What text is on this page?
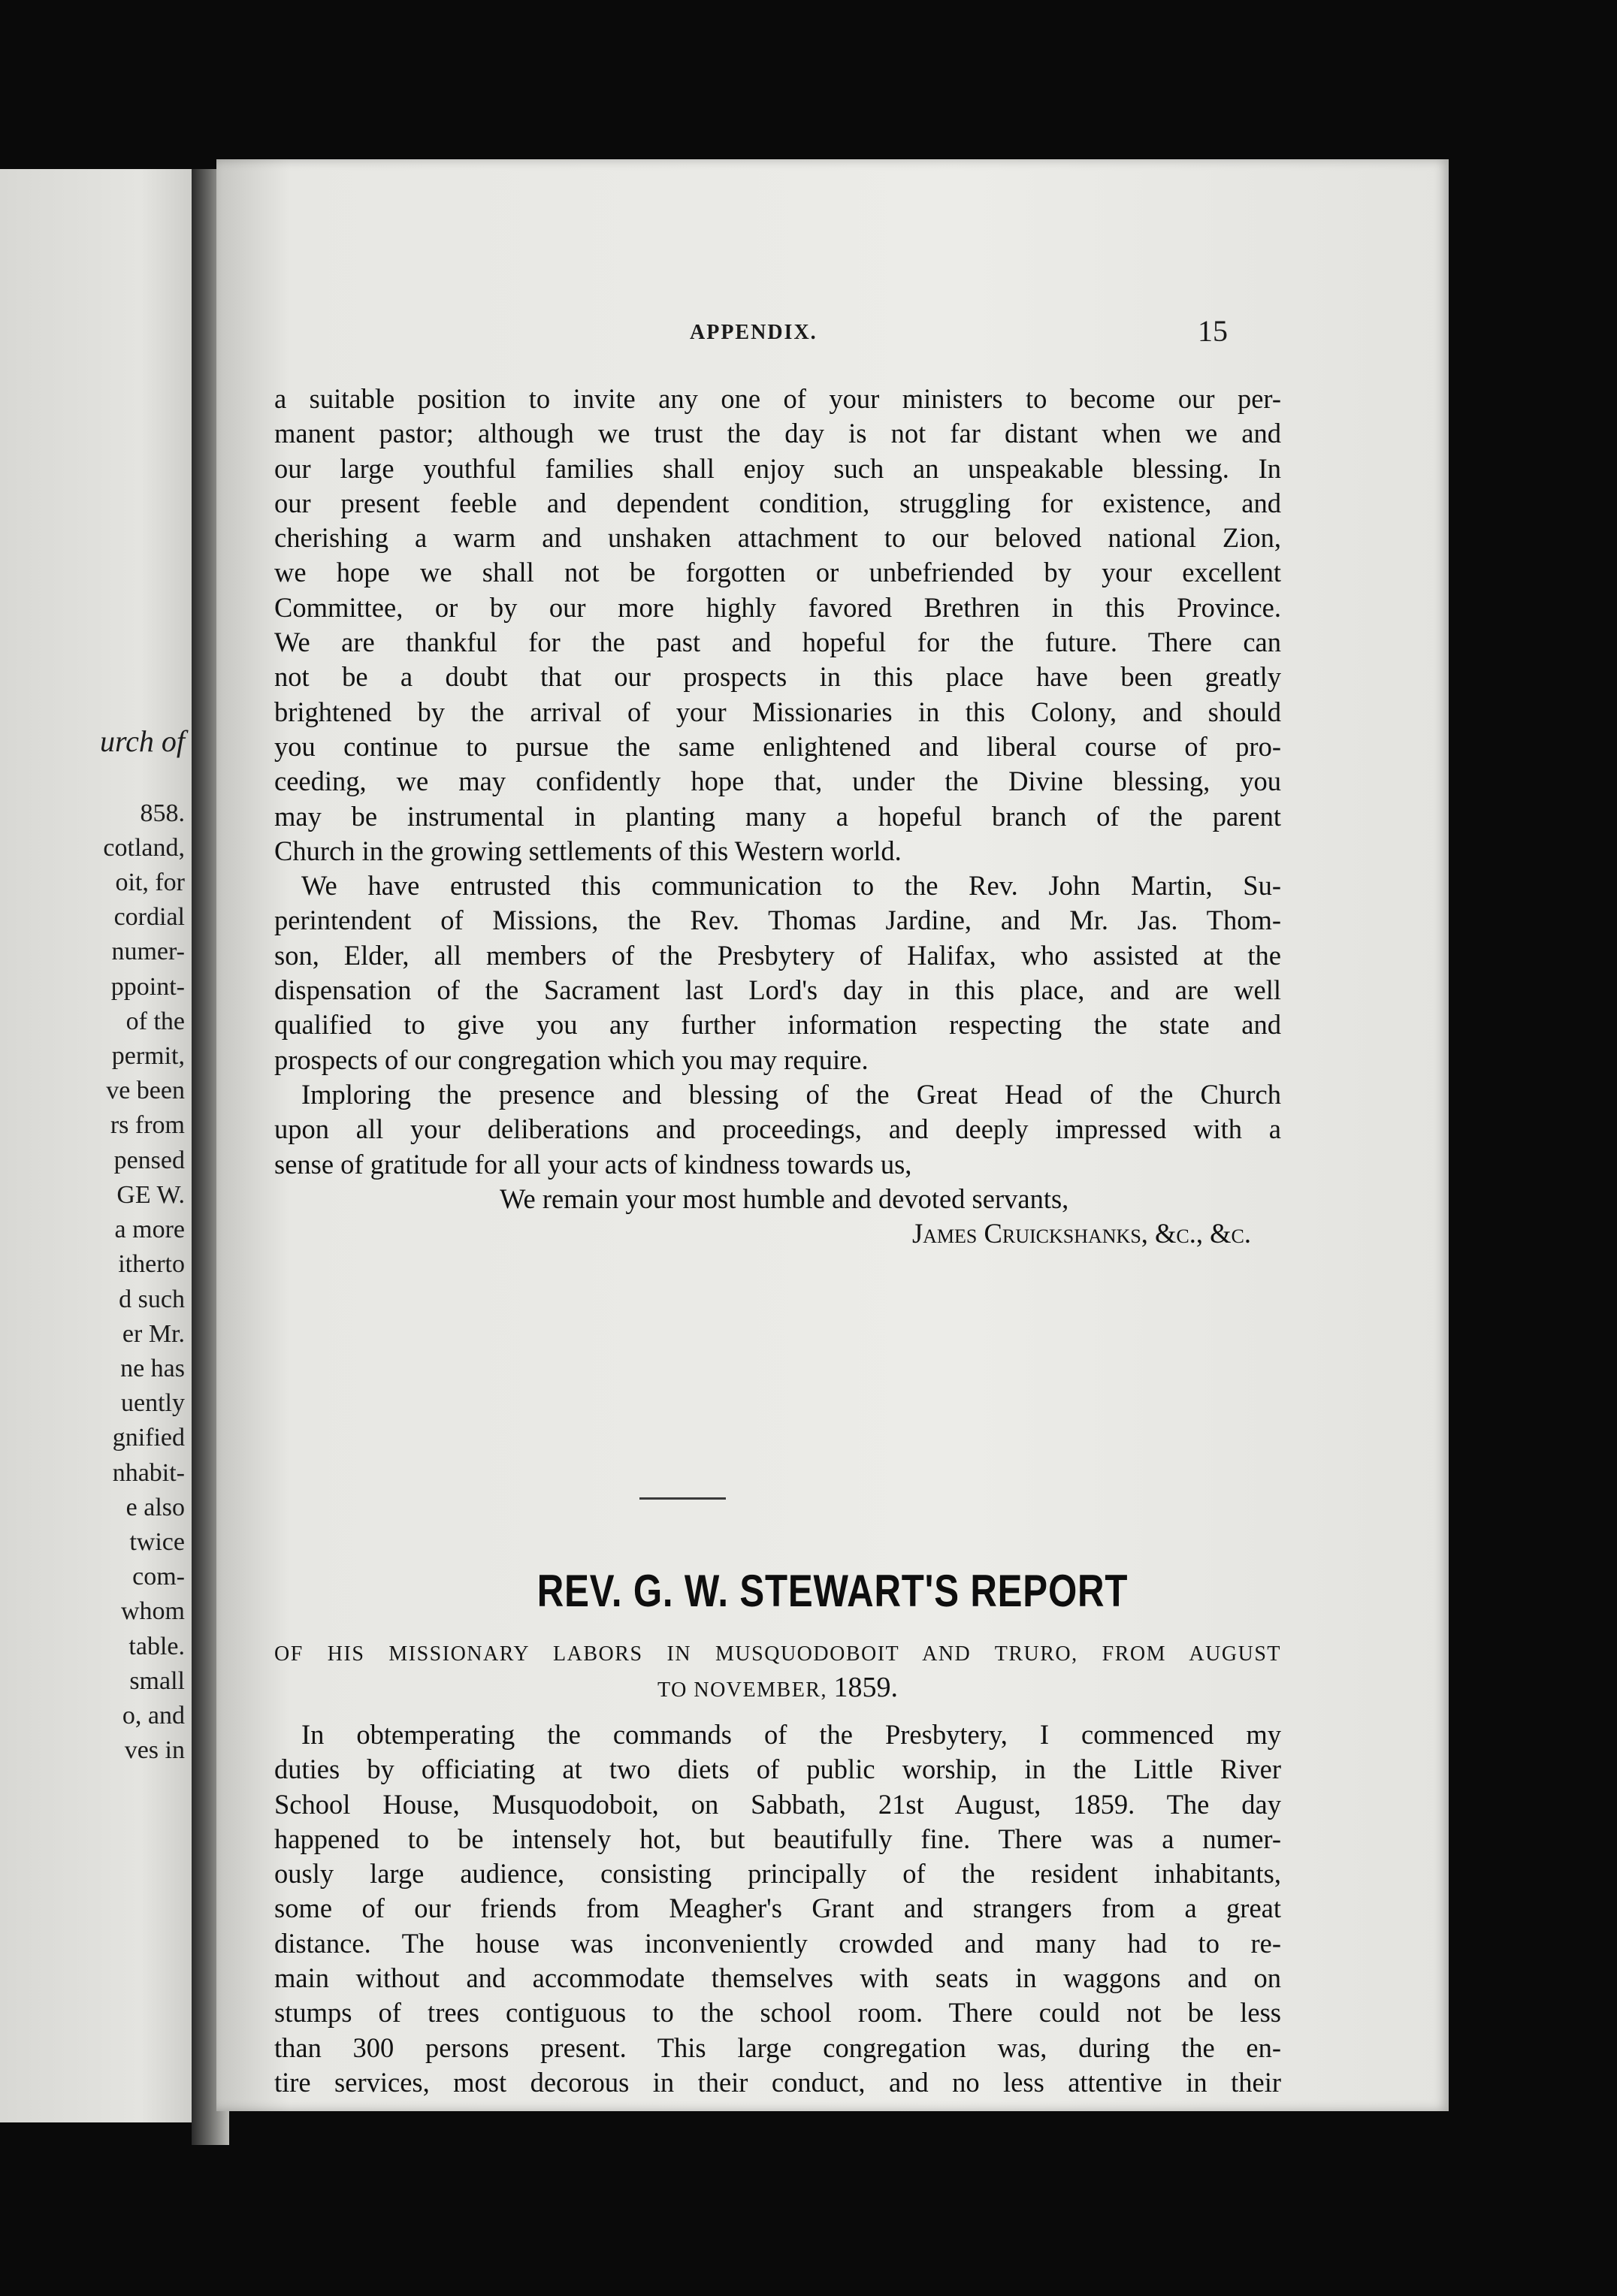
urch of

858.
cotland,
oit, for
cordial
numer-
ppoint-
of the
permit,
ve been
rs from
pensed
GE W.
a more
itherto
d such
er Mr.
ne has
uently
gnified
nhabit-
e also
twice
com-
whom
table.
small
o, and
ves in
APPENDIX.	15
a suitable position to invite any one of your ministers to become our per-
manent pastor; although we trust the day is not far distant when we and
our large youthful families shall enjoy such an unspeakable blessing. In
our present feeble and dependent condition, struggling for existence, and
cherishing a warm and unshaken attachment to our beloved national Zion,
we hope we shall not be forgotten or unbefriended by your excellent
Committee, or by our more highly favored Brethren in this Province.
We are thankful for the past and hopeful for the future. There can
not be a doubt that our prospects in this place have been greatly
brightened by the arrival of your Missionaries in this Colony, and should
you continue to pursue the same enlightened and liberal course of pro-
ceeding, we may confidently hope that, under the Divine blessing, you
may be instrumental in planting many a hopeful branch of the parent
Church in the growing settlements of this Western world.
We have entrusted this communication to the Rev. John Martin, Su-
perintendent of Missions, the Rev. Thomas Jardine, and Mr. Jas. Thom-
son, Elder, all members of the Presbytery of Halifax, who assisted at the
dispensation of the Sacrament last Lord's day in this place, and are well
qualified to give you any further information respecting the state and
prospects of our congregation which you may require.
Imploring the presence and blessing of the Great Head of the Church
upon all your deliberations and proceedings, and deeply impressed with a
sense of gratitude for all your acts of kindness towards us,
We remain your most humble and devoted servants,
James Cruickshanks, &c., &c.
REV. G. W. STEWART'S REPORT
OF HIS MISSIONARY LABORS IN MUSQUODOBOIT AND TRURO, FROM AUGUST
TO NOVEMBER, 1859.
In obtemperating the commands of the Presbytery, I commenced my
duties by officiating at two diets of public worship, in the Little River
School House, Musquodoboit, on Sabbath, 21st August, 1859. The day
happened to be intensely hot, but beautifully fine. There was a numer-
ously large audience, consisting principally of the resident inhabitants,
some of our friends from Meagher's Grant and strangers from a great
distance. The house was inconveniently crowded and many had to re-
main without and accommodate themselves with seats in waggons and on
stumps of trees contiguous to the school room. There could not be less
than 300 persons present. This large congregation was, during the en-
tire services, most decorous in their conduct, and no less attentive in their
